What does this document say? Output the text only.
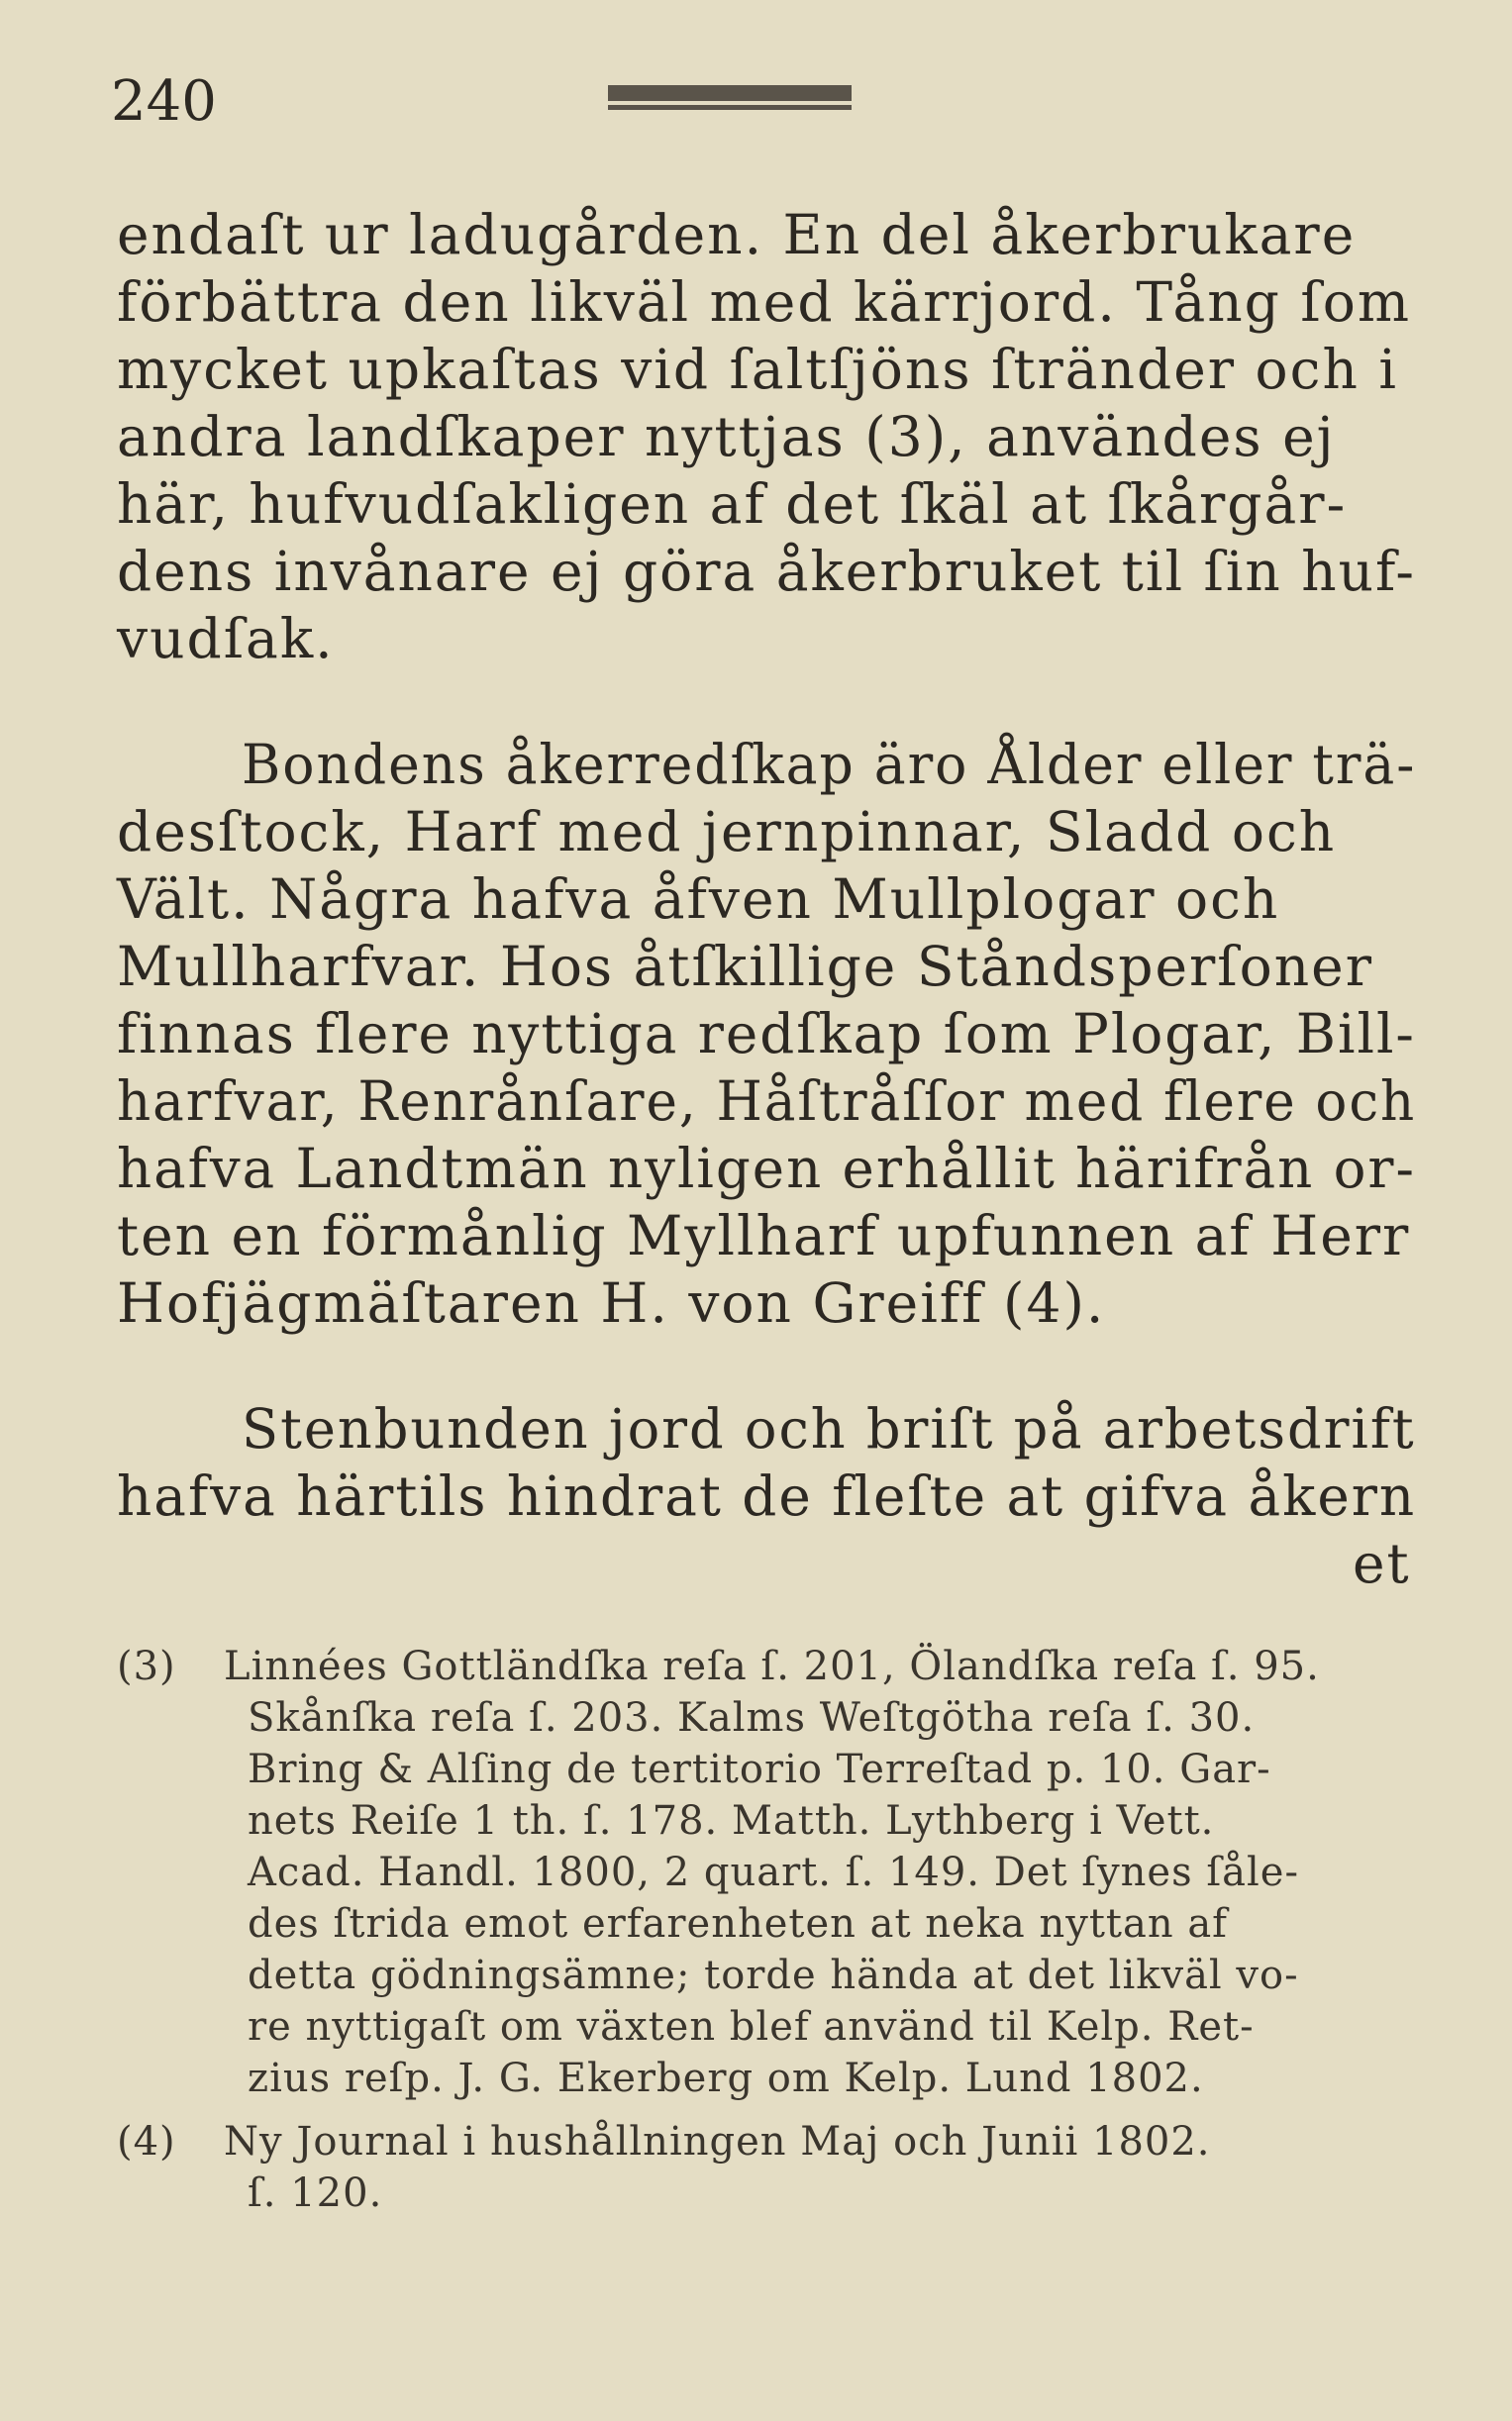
240
endaſt ur ladugården. En del åkerbrukare
förbättra den likväl med kärrjord. Tång ſom
mycket upkaſtas vid ſaltſjöns ſtränder och i
andra landſkaper nyttjas (3), användes ej
här, hufvudſakligen af det ſkäl at ſkårgår-
dens invånare ej göra åkerbruket til ſin huf-
vudſak.
Bondens åkerredſkap äro Ålder eller trä-
desſtock, Harf med jernpinnar, Sladd och
Vält. Några hafva åfven Mullplogar och
Mullharfvar. Hos åtſkillige Ståndsperſoner
finnas flere nyttiga redſkap ſom Plogar, Bill-
harfvar, Renrånſare, Håſtråſſor med flere och
hafva Landtmän nyligen erhållit härifrån or-
ten en förmånlig Myllharf upfunnen af Herr
Hofjägmäſtaren H. von Greiff (4).
Stenbunden jord och briſt på arbetsdrift
hafva härtils hindrat de fleſte at gifva åkern
et
(3) Linnées Gottländſka reſa ſ. 201, Ölandſka reſa ſ. 95.
Skånſka reſa ſ. 203. Kalms Weſtgötha reſa ſ. 30.
Bring & Alſing de tertitorio Terreſtad p. 10. Gar-
nets Reiſe 1 th. ſ. 178. Matth. Lythberg i Vett.
Acad. Handl. 1800, 2 quart. ſ. 149. Det ſynes ſåle-
des ſtrida emot erfarenheten at neka nyttan af
detta gödningsämne; torde hända at det likväl vo-
re nyttigaſt om växten blef använd til Kelp. Ret-
zius reſp. J. G. Ekerberg om Kelp. Lund 1802.
(4) Ny Journal i hushållningen Maj och Junii 1802.
ſ. 120.
